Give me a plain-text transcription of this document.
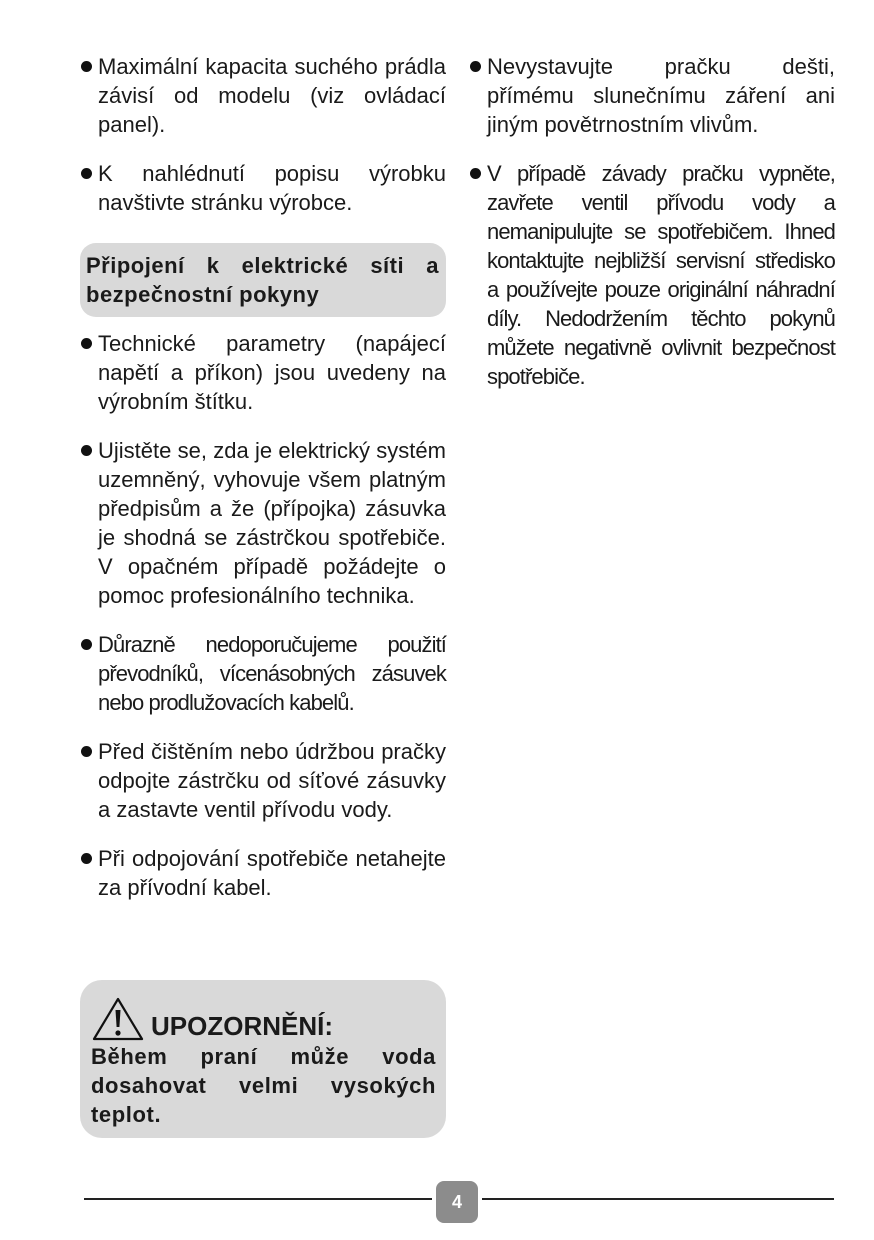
Maximální kapacita suchého prádla závisí od modelu (viz ovládací panel).
K nahlédnutí popisu výrobku navštivte stránku výrobce.
Připojení k elektrické síti a bezpečnostní pokyny
Technické parametry (napájecí napětí a příkon) jsou uvedeny na výrobním štítku.
Ujistěte se, zda je elektrický systém uzemněný, vyhovuje všem platným předpisům a že (přípojka) zásuvka je shodná se zástrčkou spotřebiče. V opačném případě požádejte o pomoc profesionálního technika.
Důrazně nedoporučujeme použití převodníků, vícenásobných zásuvek nebo prodlužovacích kabelů.
Před čištěním nebo údržbou pračky odpojte zástrčku od síťové zásuvky a zastavte ventil přívodu vody.
Při odpojování spotřebiče netahejte za přívodní kabel.
UPOZORNĚNÍ:
Během praní může voda dosahovat velmi vysokých teplot.
Nevystavujte pračku dešti, přímému slunečnímu záření ani jiným povětrnostním vlivům.
V případě závady pračku vypněte, zavřete ventil přívodu vody a nemanipulujte se spotřebičem. Ihned kontaktujte nejbližší servisní středisko a používejte pouze originální náhradní díly. Nedodržením těchto pokynů můžete negativně ovlivnit bezpečnost spotřebiče.
4
